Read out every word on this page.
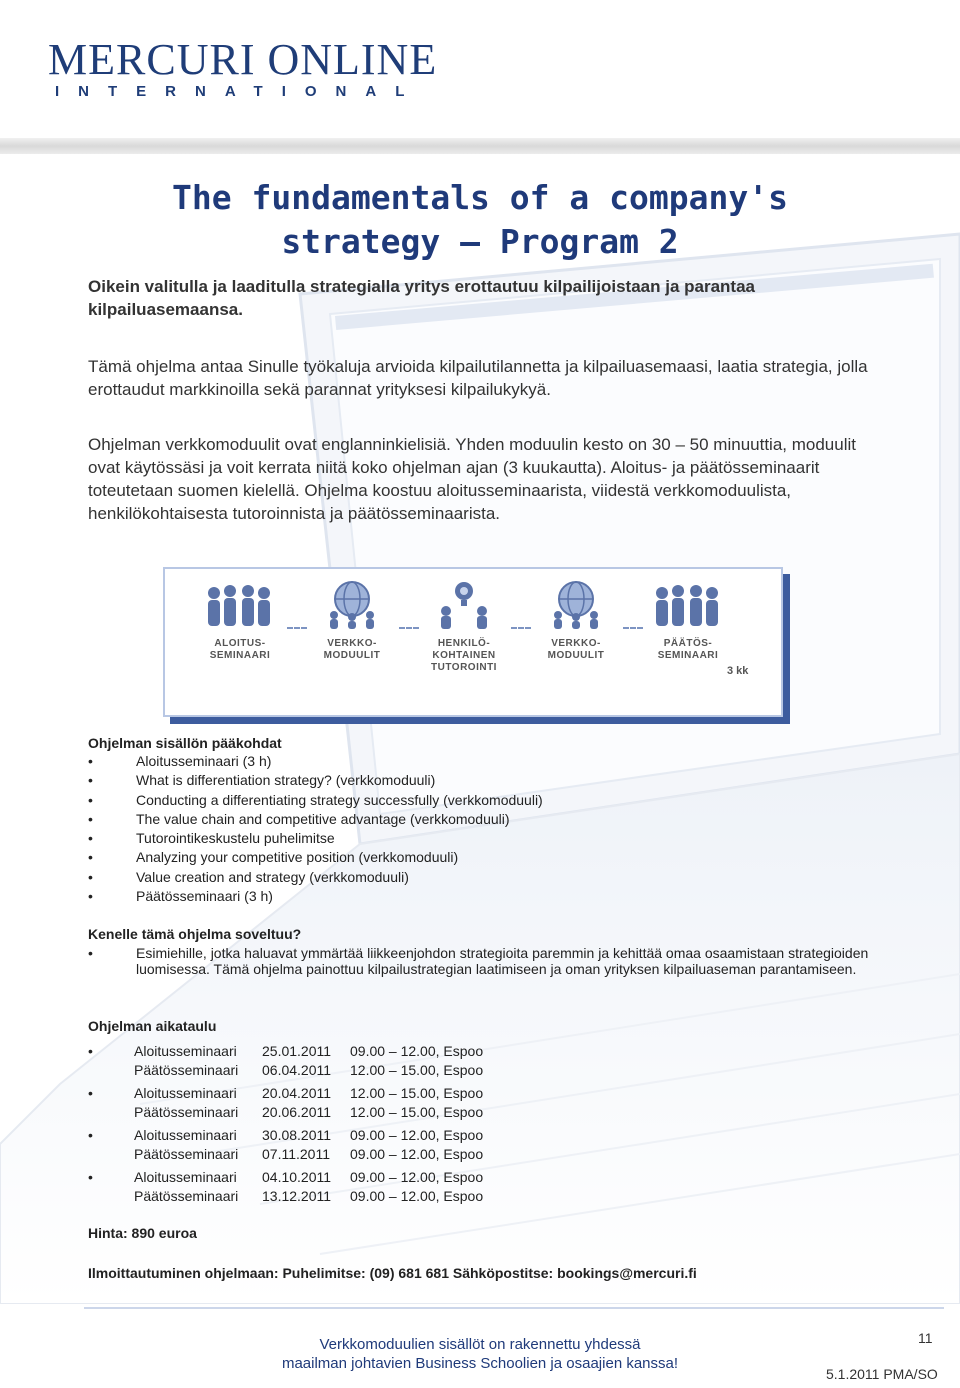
MERCURI ONLINE
INTERNATIONAL
The fundamentals of a company's
strategy — Program 2
Oikein valitulla ja laaditulla strategialla yritys erottautuu kilpailijoistaan ja parantaa kilpailuasemaansa.
Tämä ohjelma antaa Sinulle työkaluja arvioida kilpailutilannetta ja kilpailuasemaasi, laatia strategia, jolla erottaudut markkinoilla sekä parannat yrityksesi kilpailukykyä.
Ohjelman verkkomoduulit ovat englanninkielisiä. Yhden moduulin kesto on 30 – 50 minuuttia, moduulit ovat käytössäsi ja voit kerrata niitä koko ohjelman ajan (3 kuukautta). Aloitus- ja päätösseminaarit toteutetaan suomen kielellä. Ohjelma koostuu aloitusseminaarista, viidestä verkkomoduulista, henkilökohtaisesta tutoroinnista ja päätösseminaarista.
ALOITUS-
SEMINAARI
VERKKO-
MODUULIT
HENKILÖ-
KOHTAINEN
TUTOROINTI
VERKKO-
MODUULIT
PÄÄTÖS-
SEMINAARI
3 kk
Ohjelman sisällön pääkohdat
• Aloitusseminaari (3 h)
• What is differentiation strategy? (verkkomoduuli)
• Conducting a differentiating strategy successfully (verkkomoduuli)
• The value chain and competitive advantage (verkkomoduuli)
• Tutorointikeskustelu puhelimitse
• Analyzing your competitive position (verkkomoduuli)
• Value creation and strategy (verkkomoduuli)
• Päätösseminaari (3 h)
Kenelle tämä ohjelma soveltuu?
• Esimiehille, jotka haluavat ymmärtää liikkeenjohdon strategioita paremmin ja kehittää omaa osaamistaan strategioiden luomisessa. Tämä ohjelma painottuu kilpailustrategian laatimiseen ja oman yrityksen kilpailuaseman parantamiseen.
Ohjelman aikataulu
•	Aloitusseminaari 25.01.2011 09.00 – 12.00, Espoo
Päätösseminaari 06.04.2011 12.00 – 15.00, Espoo
•	Aloitusseminaari 20.04.2011 12.00 – 15.00, Espoo
Päätösseminaari 20.06.2011 12.00 – 15.00, Espoo
•	Aloitusseminaari 30.08.2011 09.00 – 12.00, Espoo
Päätösseminaari 07.11.2011 09.00 – 12.00, Espoo
•	Aloitusseminaari 04.10.2011 09.00 – 12.00, Espoo
Päätösseminaari 13.12.2011 09.00 – 12.00, Espoo
Hinta: 890 euroa
Ilmoittautuminen ohjelmaan: Puhelimitse: (09) 681 681 Sähköpostitse: bookings@mercuri.fi
Verkkomoduulien sisällöt on rakennettu yhdessä
maailman johtavien Business Schoolien ja osaajien kanssa!
11
5.1.2011 PMA/SO
